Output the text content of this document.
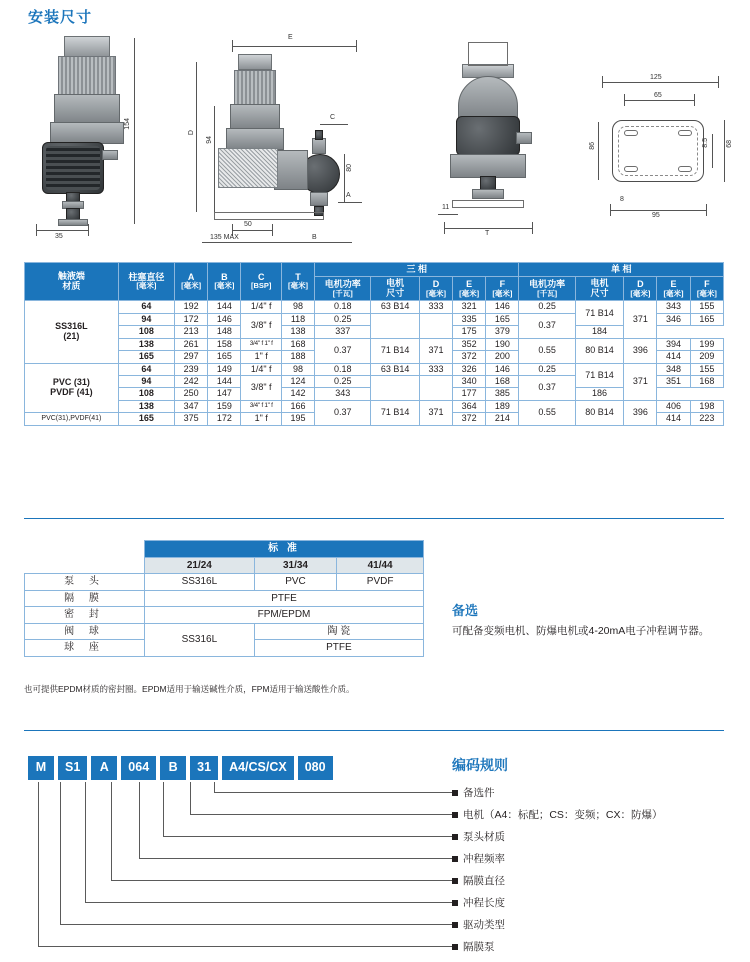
安装尺寸
154
35
E
D
94
C
A
80
50
135 MAX	B
11
T
125
65
86	68
8.5
95
8
触液端
材质

柱塞直径
[毫米]

A
[毫米]

B
[毫米]

C
[BSP]

T
[毫米]
	三 相	单 相

电机功率
[千瓦]

电机
尺寸

D
[毫米]

E
[毫米]

F
[毫米]

电机功率
[千瓦]

电机
尺寸

D
[毫米]

E
[毫米]

F
[毫米]

SS316L
(21)	64	192	144	1/4" f	98	0.18	63 B14	333	321	146	0.25	71 B14	371	343	155
	94	172	146	3/8" f	118	0.25			335	165	0.37			346	165
	108	213	148		138	337			175	379		184			
	138	261	158	3/4" f 1" f	168	0.37	71 B14	371	352	190	0.55	80 B14	396	394	199
	165	297	165	1" f	188				372	200				414	209

PVC (31)
PVDF (41)	64	239	149	1/4" f	98	0.18	63 B14	333	326	146	0.25	71 B14	371	348	155
	94	242	144	3/8" f	124	0.25			340	168	0.37			351	168
	108	250	147		142	343			177	385		186			
	138	347	159	3/4" f 1" f	166	0.37	71 B14	371	364	189	0.55	80 B14	396	406	198
PVC(31),PVDF(41)	165	375	172	1" f	195				372	214				414	223
	标 准		
	21/24	31/34	41/44
泵 头	SS316L	PVC	PVDF
隔 膜	PTFE		
密 封	FPM/EPDM		
阀 球	SS316L	陶 瓷	
球 座		PTFE	
也可提供EPDM材质的密封圈。EPDM适用于输送碱性介质，FPM适用于输送酸性介质。
备选
可配备变频电机、防爆电机或4-20mA电子冲程调节器。
M	S1	A	064	B	31	A4/CS/CX	080	编码规则
备选件
电机（A4：标配；CS：变频；CX：防爆）
泵头材质
冲程频率
隔膜直径
冲程长度
驱动类型
隔膜泵
